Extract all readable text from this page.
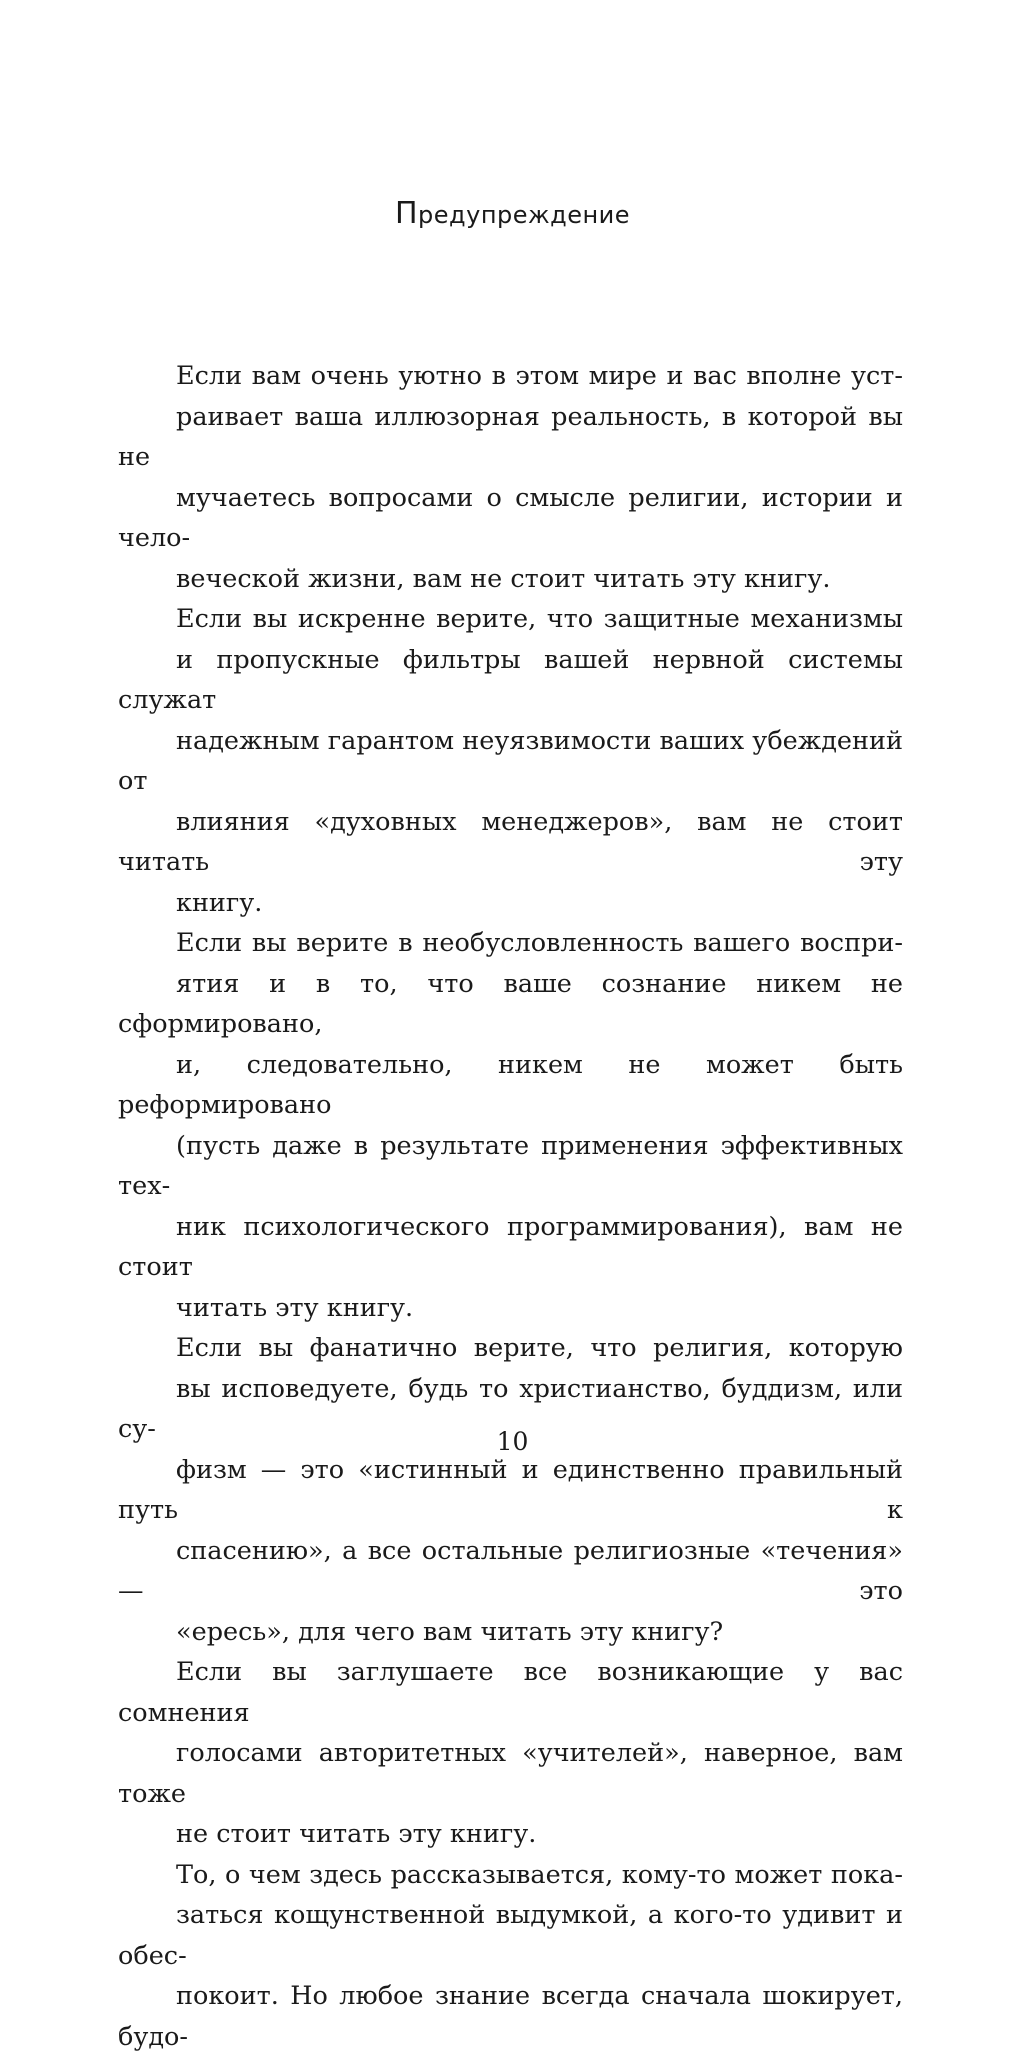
Предупреждение

Если вам очень уютно в этом мире и вас вполне уст-
раивает ваша иллюзорная реальность, в которой вы не
мучаетесь вопросами о смысле религии, истории и чело-
веческой жизни, вам не стоит читать эту книгу.

Если вы искренне верите, что защитные механизмы
и пропускные фильтры вашей нервной системы служат
надежным гарантом неуязвимости ваших убеждений от
влияния «духовных менеджеров», вам не стоит читать эту
книгу.

Если вы верите в необусловленность вашего воспри-
ятия и в то, что ваше сознание никем не сформировано,
и, следовательно, никем не может быть реформировано
(пусть даже в результате применения эффективных тех-
ник психологического программирования), вам не стоит
читать эту книгу.

Если вы фанатично верите, что религия, которую
вы исповедуете, будь то христианство, буддизм, или су-
физм — это «истинный и единственно правильный путь к
спасению», а все остальные религиозные «течения» — это
«ересь», для чего вам читать эту книгу?

Если вы заглушаете все возникающие у вас сомнения
голосами авторитетных «учителей», наверное, вам тоже
не стоит читать эту книгу.

То, о чем здесь рассказывается, кому-то может пока-
заться кощунственной выдумкой, а кого-то удивит и обес-
покоит. Но любое знание всегда сначала шокирует, будо-

10
